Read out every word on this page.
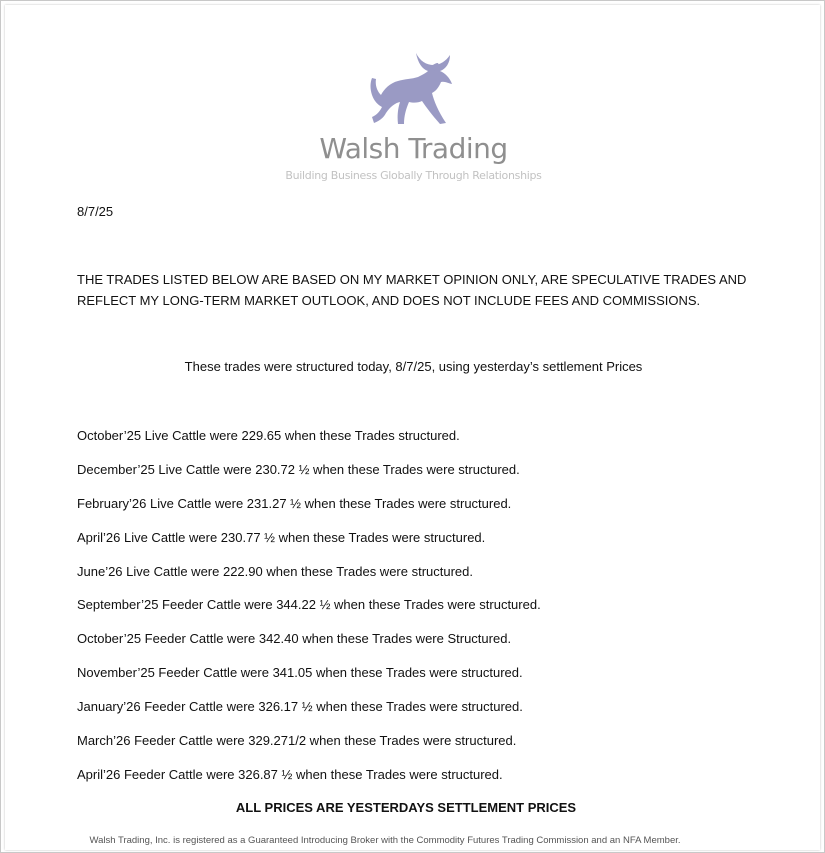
Walsh Trading
Building Business Globally Through Relationships
8/7/25
THE TRADES LISTED BELOW ARE BASED ON MY MARKET OPINION ONLY, ARE SPECULATIVE TRADES AND REFLECT MY LONG-TERM MARKET OUTLOOK, AND DOES NOT INCLUDE FEES AND COMMISSIONS.
These trades were structured today, 8/7/25, using yesterday’s settlement Prices
October’25 Live Cattle were 229.65 when these Trades structured.
December’25 Live Cattle were 230.72 ½ when these Trades were structured.
February’26 Live Cattle were 231.27 ½ when these Trades were structured.
April’26 Live Cattle were 230.77 ½ when these Trades were structured.
June’26 Live Cattle were 222.90 when these Trades were structured.
September’25 Feeder Cattle were 344.22 ½ when these Trades were structured.
October’25 Feeder Cattle were 342.40 when these Trades were Structured.
November’25 Feeder Cattle were 341.05 when these Trades were structured.
January’26 Feeder Cattle were 326.17 ½ when these Trades were structured.
March’26 Feeder Cattle were 329.271/2 when these Trades were structured.
April’26 Feeder Cattle were 326.87 ½ when these Trades were structured.
ALL PRICES ARE YESTERDAYS SETTLEMENT PRICES
Walsh Trading, Inc. is registered as a Guaranteed Introducing Broker with the Commodity Futures Trading Commission and an NFA Member.
